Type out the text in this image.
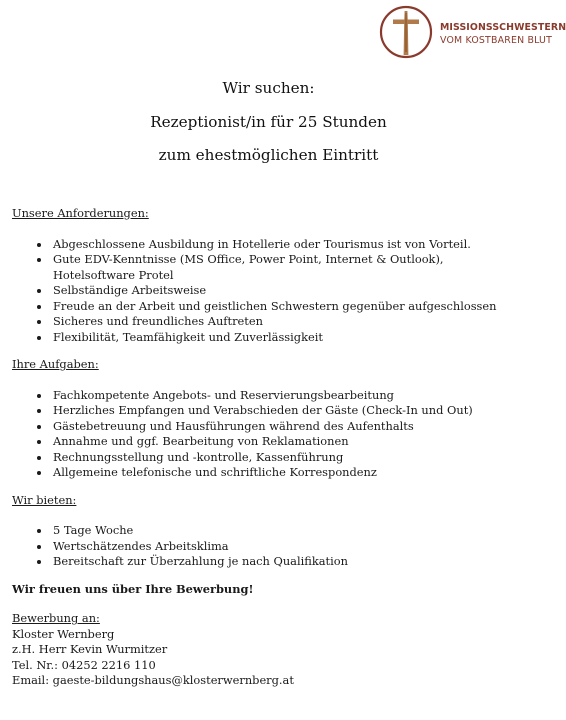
MISSIONSSCHWESTERN
VOM KOSTBAREN BLUT
Wir suchen:
Rezeptionist/in für 25 Stunden
zum ehestmöglichen Eintritt

Unsere Anforderungen:

• Abgeschlossene Ausbildung in Hotellerie oder Tourismus ist von Vorteil.
• Gute EDV-Kenntnisse (MS Office, Power Point, Internet & Outlook), Hotelsoftware Protel
• Selbständige Arbeitsweise
• Freude an der Arbeit und geistlichen Schwestern gegenüber aufgeschlossen
• Sicheres und freundliches Auftreten
• Flexibilität, Teamfähigkeit und Zuverlässigkeit

Ihre Aufgaben:

• Fachkompetente Angebots- und Reservierungsbearbeitung
• Herzliches Empfangen und Verabschieden der Gäste (Check-In und Out)
• Gästebetreuung und Hausführungen während des Aufenthalts
• Annahme und ggf. Bearbeitung von Reklamationen
• Rechnungsstellung und -kontrolle, Kassenführung
• Allgemeine telefonische und schriftliche Korrespondenz

Wir bieten:

• 5 Tage Woche
• Wertschätzendes Arbeitsklima
• Bereitschaft zur Überzahlung je nach Qualifikation

Wir freuen uns über Ihre Bewerbung!

Bewerbung an:

Kloster Wernberg

z.H. Herr Kevin Wurmitzer

Tel. Nr.: 04252 2216 110

Email: gaeste-bildungshaus@klosterwernberg.at
